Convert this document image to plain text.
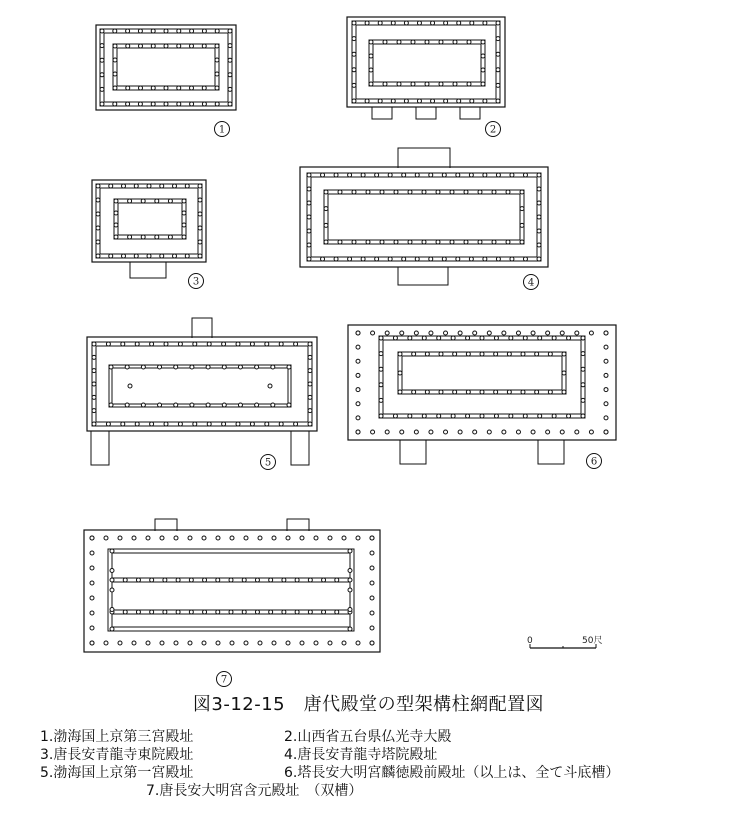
1	2
3	4
5	6
7
0	50尺
図3-12-15　唐代殿堂の型架構柱網配置図
1.渤海国上京第三宮殿址	2.山西省五台県仏光寺大殿
3.唐長安青龍寺東院殿址	4.唐長安青龍寺塔院殿址
5.渤海国上京第一宮殿址	6.塔長安大明宮麟徳殿前殿址（以上は、全て斗底槽）
7.唐長安大明宮含元殿址　（双槽）
